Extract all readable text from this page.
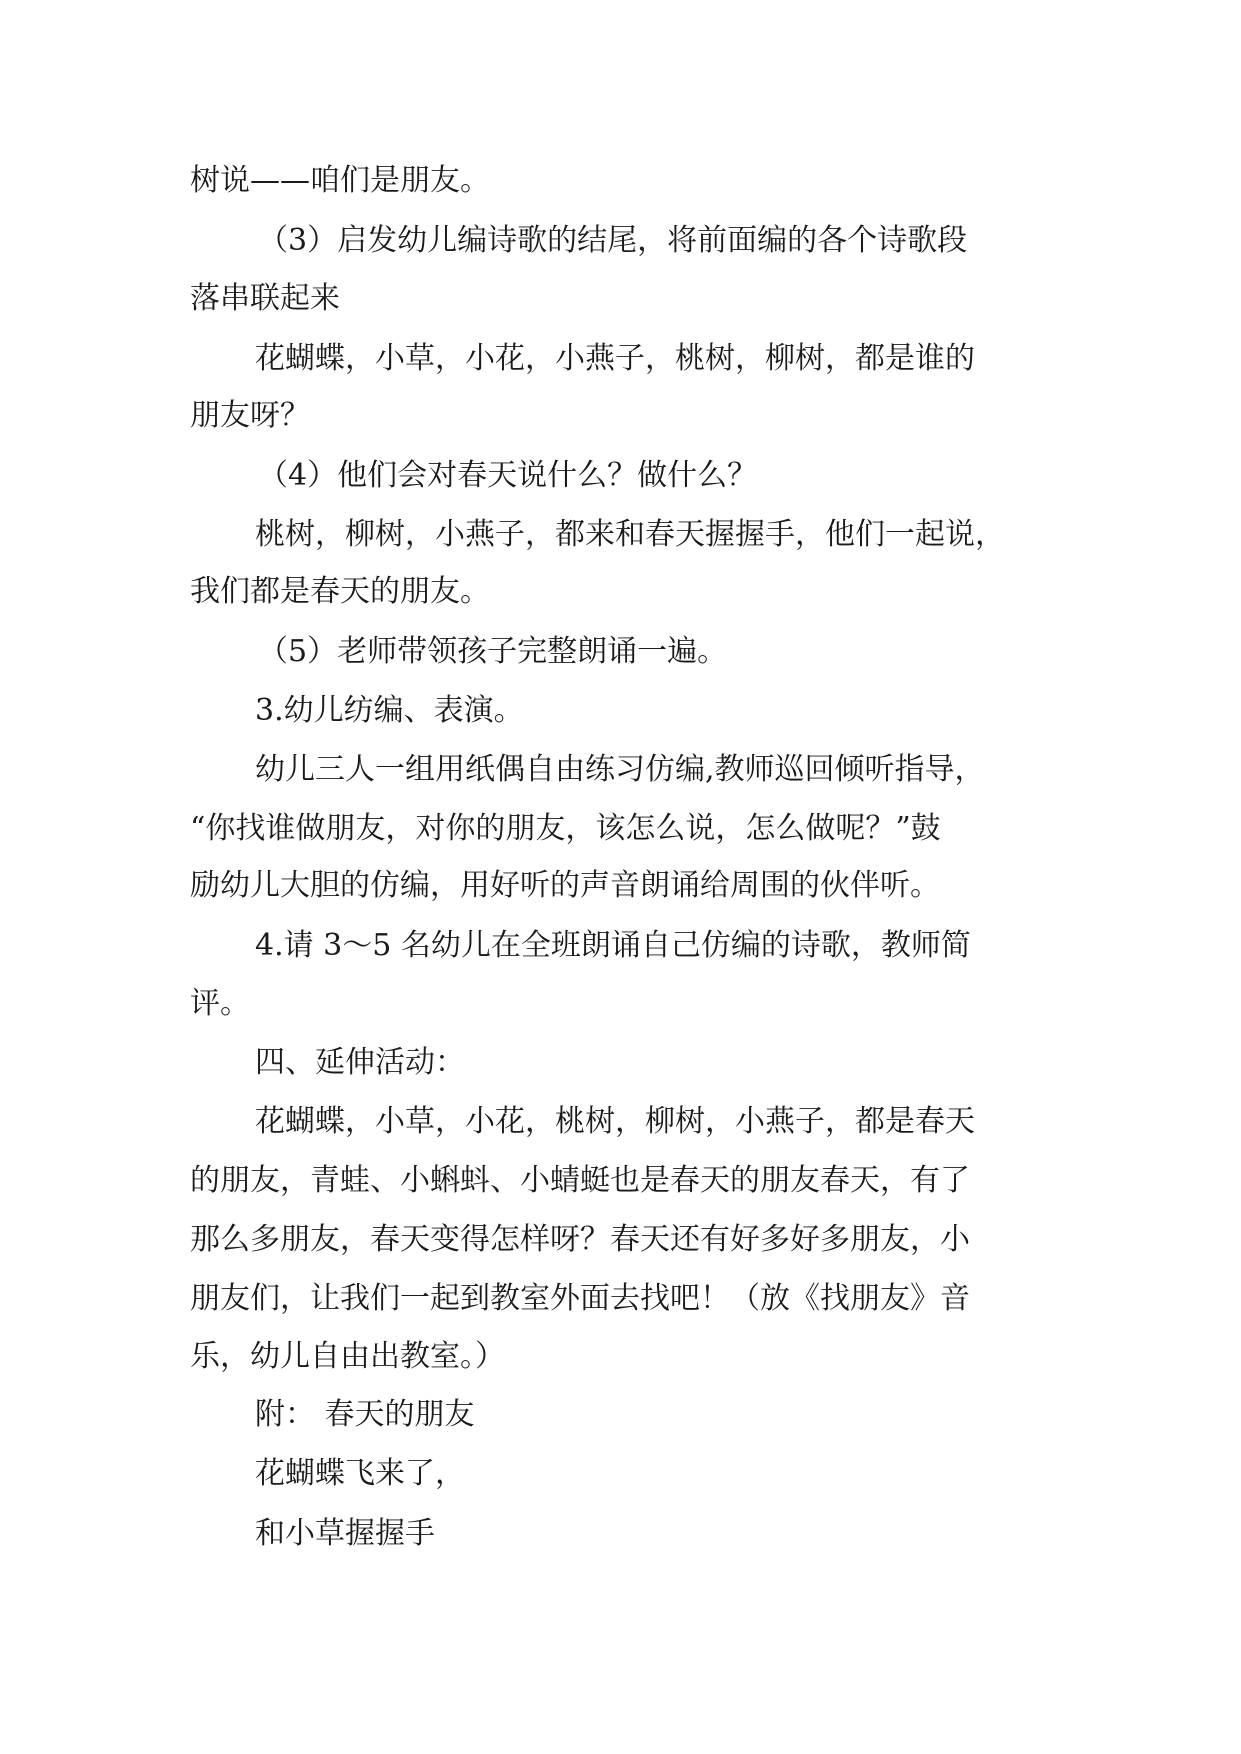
树说——咱们是朋友。
（3）启发幼儿编诗歌的结尾，将前面编的各个诗歌段
落串联起来
花蝴蝶，小草，小花，小燕子，桃树，柳树，都是谁的
朋友呀？
（4）他们会对春天说什么？做什么？
桃树，柳树，小燕子，都来和春天握握手，他们一起说，
我们都是春天的朋友。
（5）老师带领孩子完整朗诵一遍。
3.幼儿纺编、表演。
幼儿三人一组用纸偶自由练习仿编,教师巡回倾听指导，
“你找谁做朋友，对你的朋友，该怎么说，怎么做呢？”鼓
励幼儿大胆的仿编，用好听的声音朗诵给周围的伙伴听。
4.请 3～5 名幼儿在全班朗诵自己仿编的诗歌，教师简
评。
四、延伸活动：
花蝴蝶，小草，小花，桃树，柳树，小燕子，都是春天
的朋友，青蛙、小蝌蚪、小蜻蜓也是春天的朋友春天，有了
那么多朋友，春天变得怎样呀？春天还有好多好多朋友，小
朋友们，让我们一起到教室外面去找吧！（放《找朋友》音
乐，幼儿自由出教室。）
附： 春天的朋友
花蝴蝶飞来了，
和小草握握手
